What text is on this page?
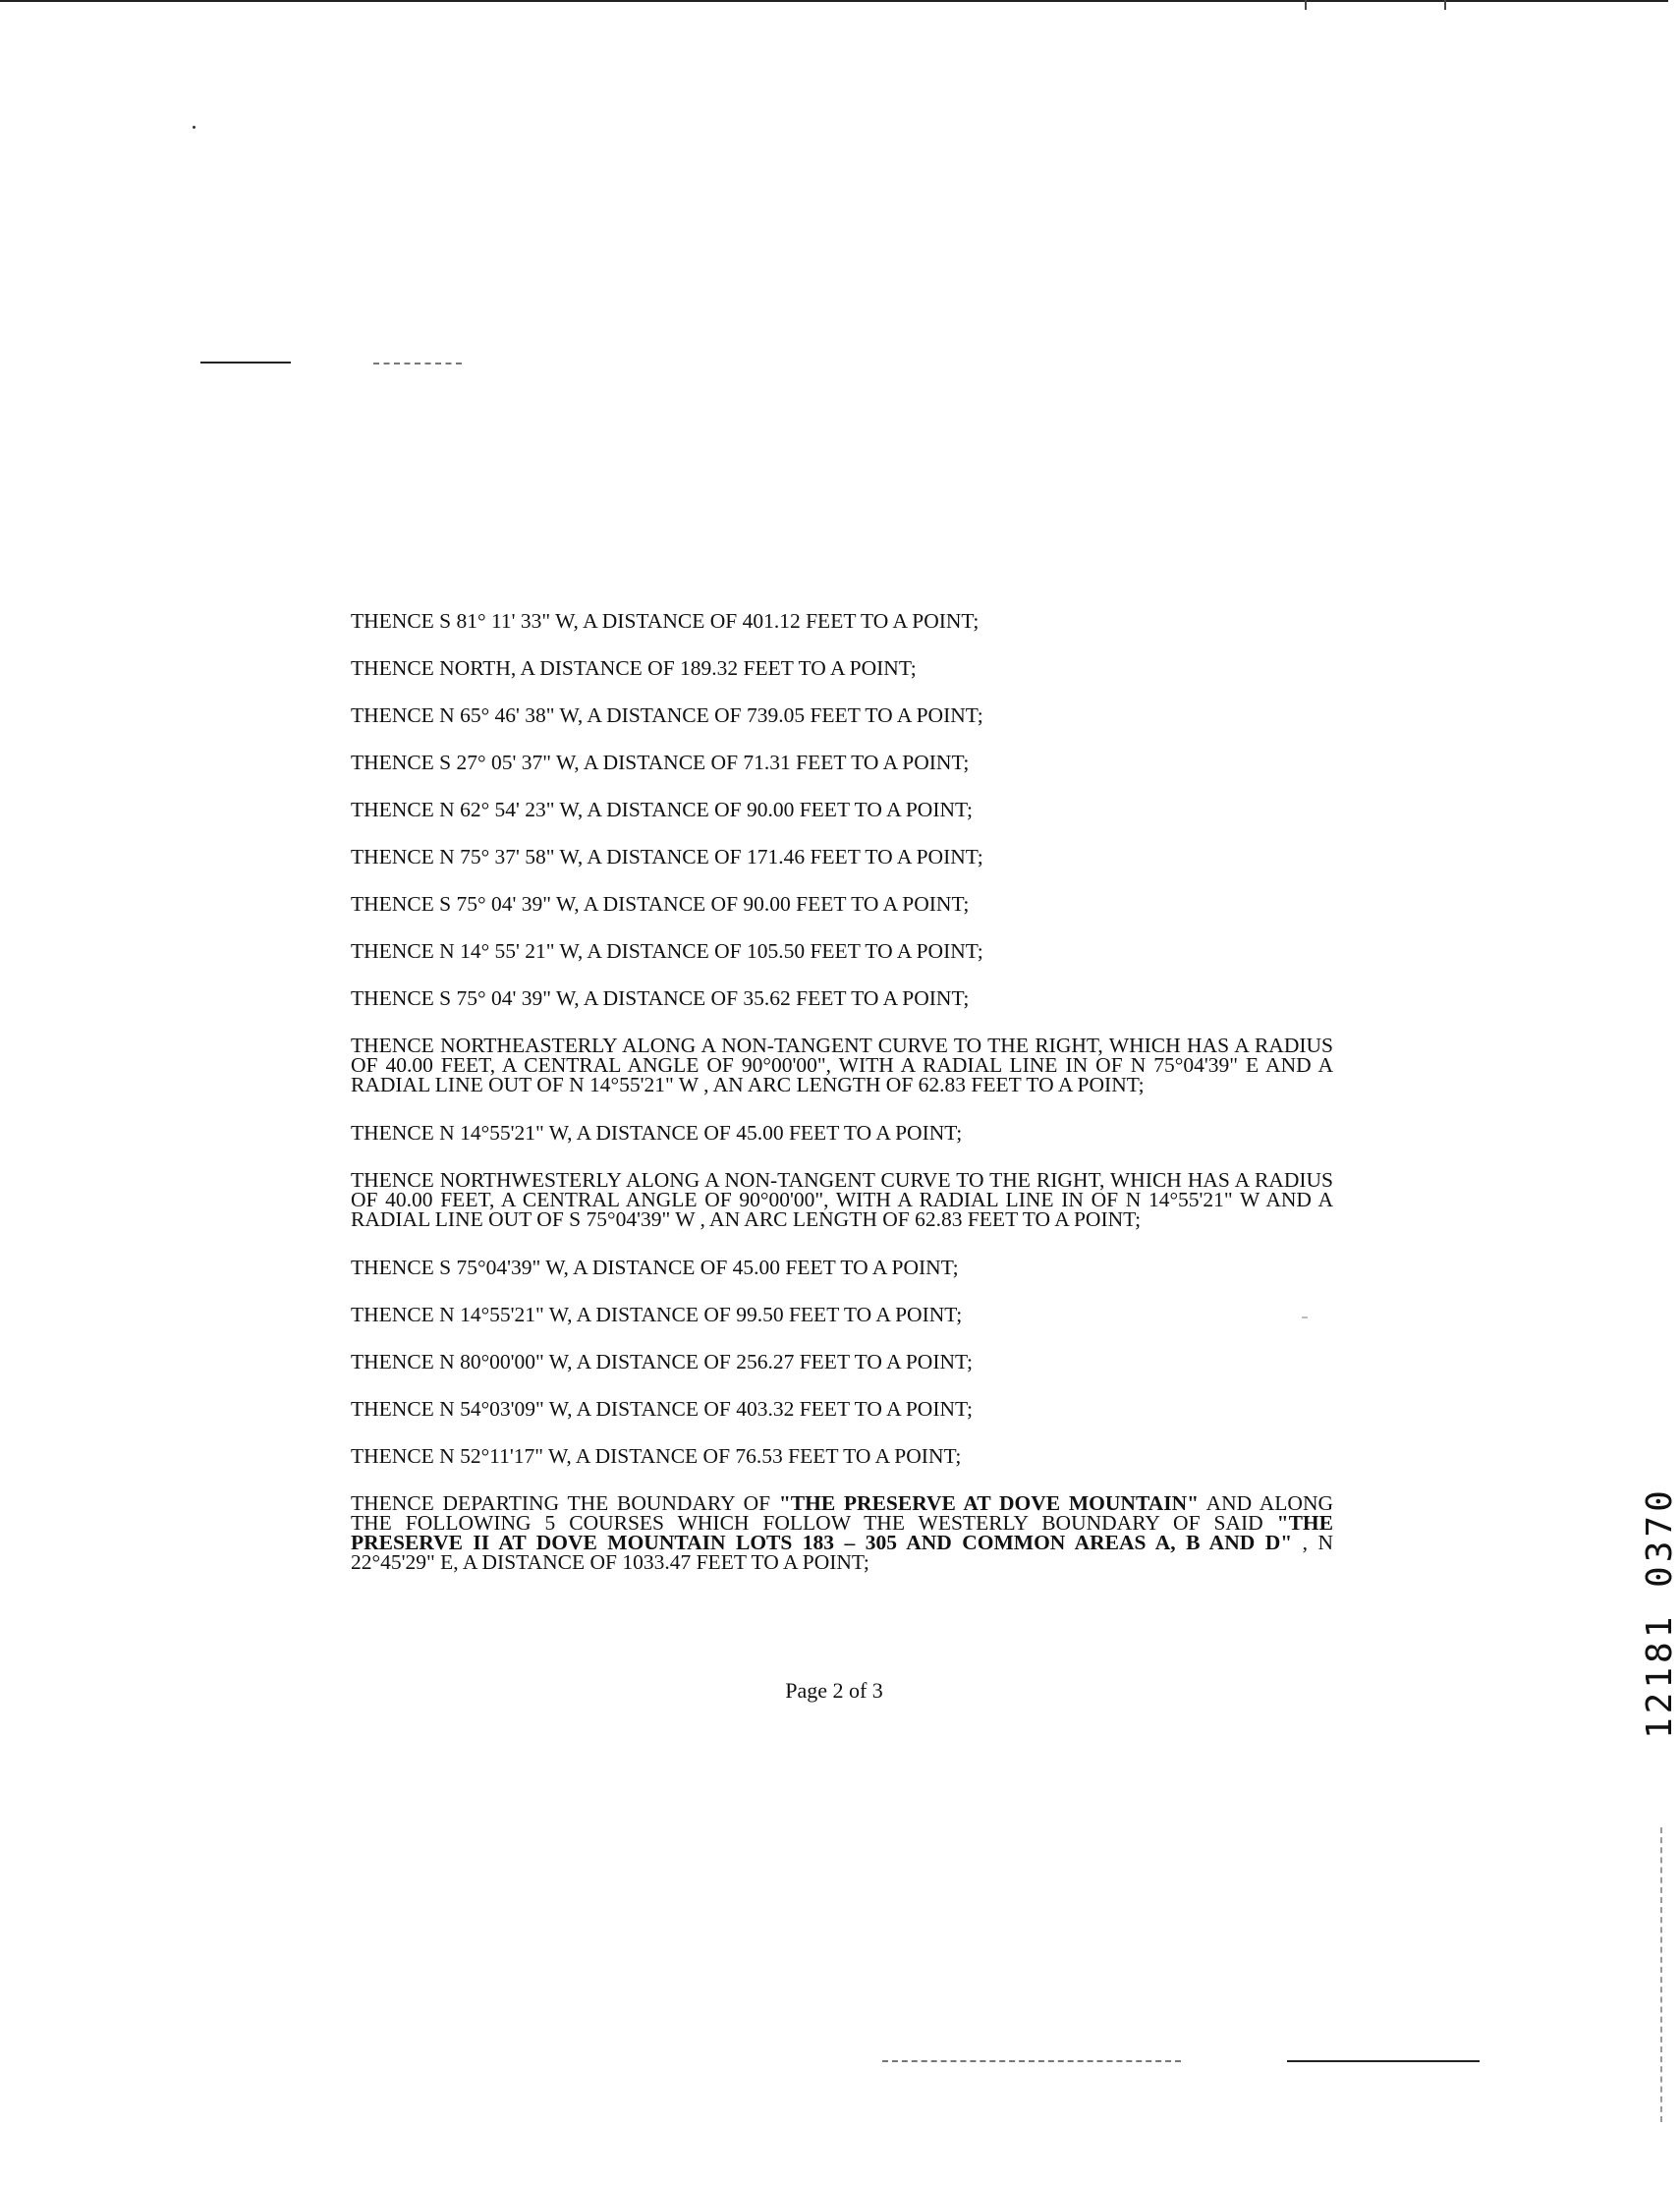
THENCE S 81° 11' 33" W, A DISTANCE OF 401.12 FEET TO A POINT;

THENCE NORTH, A DISTANCE OF 189.32 FEET TO A POINT;

THENCE N 65° 46' 38" W, A DISTANCE OF 739.05 FEET TO A POINT;

THENCE S 27° 05' 37" W, A DISTANCE OF 71.31 FEET TO A POINT;

THENCE N 62° 54' 23" W, A DISTANCE OF 90.00 FEET TO A POINT;

THENCE N 75° 37' 58" W, A DISTANCE OF 171.46 FEET TO A POINT;

THENCE S 75° 04' 39" W, A DISTANCE OF 90.00 FEET TO A POINT;

THENCE N 14° 55' 21" W, A DISTANCE OF 105.50 FEET TO A POINT;

THENCE S 75° 04' 39" W, A DISTANCE OF 35.62 FEET TO A POINT;

THENCE NORTHEASTERLY ALONG A NON-TANGENT CURVE TO THE RIGHT, WHICH HAS A RADIUS OF 40.00 FEET, A CENTRAL ANGLE OF 90°00'00", WITH A RADIAL LINE IN OF N 75°04'39" E AND A RADIAL LINE OUT OF N 14°55'21" W , AN ARC LENGTH OF 62.83 FEET TO A POINT;

THENCE N 14°55'21" W, A DISTANCE OF 45.00 FEET TO A POINT;

THENCE NORTHWESTERLY ALONG A NON-TANGENT CURVE TO THE RIGHT, WHICH HAS A RADIUS OF 40.00 FEET, A CENTRAL ANGLE OF 90°00'00", WITH A RADIAL LINE IN OF N 14°55'21" W AND A RADIAL LINE OUT OF S 75°04'39" W , AN ARC LENGTH OF 62.83 FEET TO A POINT;

THENCE S 75°04'39" W, A DISTANCE OF 45.00 FEET TO A POINT;

THENCE N 14°55'21" W, A DISTANCE OF 99.50 FEET TO A POINT;

THENCE N 80°00'00" W, A DISTANCE OF 256.27 FEET TO A POINT;

THENCE N 54°03'09" W, A DISTANCE OF 403.32 FEET TO A POINT;

THENCE N 52°11'17" W, A DISTANCE OF 76.53 FEET TO A POINT;

THENCE DEPARTING THE BOUNDARY OF "THE PRESERVE AT DOVE MOUNTAIN" AND ALONG THE FOLLOWING 5 COURSES WHICH FOLLOW THE WESTERLY BOUNDARY OF SAID "THE PRESERVE II AT DOVE MOUNTAIN LOTS 183 – 305 AND COMMON AREAS A, B AND D" , N 22°45'29" E, A DISTANCE OF 1033.47 FEET TO A POINT;

Page 2 of 3	12181 0370
